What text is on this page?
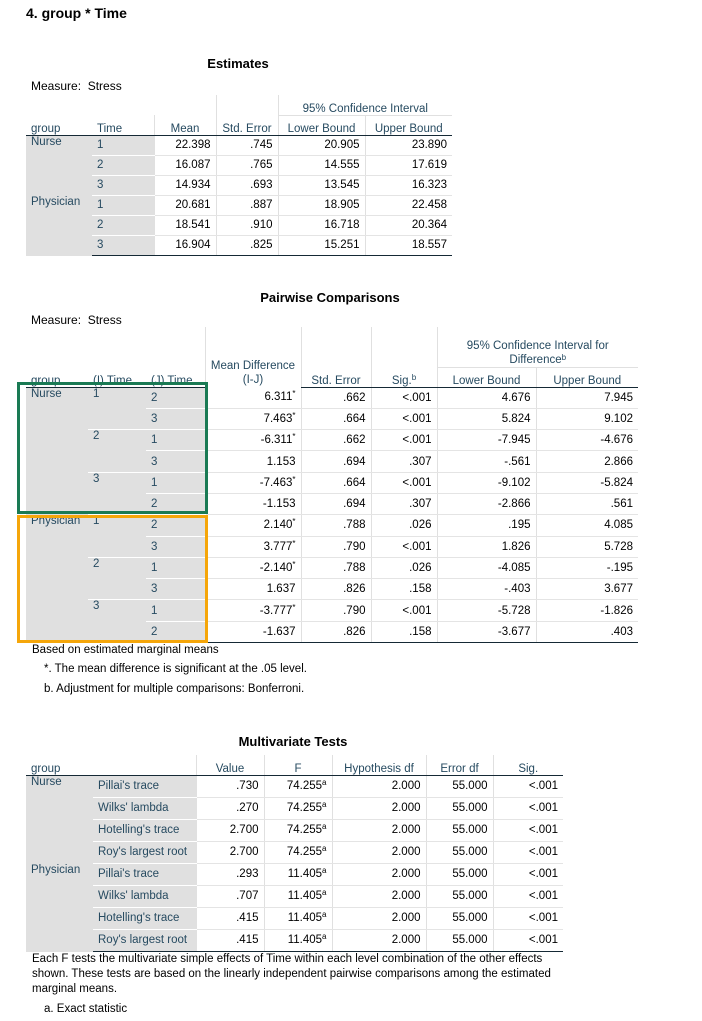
4. group * Time
Estimates
Measure: Stress
				95% Confidence Interval	
group	Time	Mean	Std. Error	Lower Bound	Upper Bound
Nurse	1	22.398	.745	20.905	23.890
	2	16.087	.765	14.555	17.619
	3	14.934	.693	13.545	16.323
Physician	1	20.681	.887	18.905	22.458
	2	18.541	.910	16.718	20.364
	3	16.904	.825	15.251	18.557
Pairwise Comparisons
Measure: Stress
			Mean Difference (I-J)			95% Confidence Interval for Difference$^b$
group	(I) Time	(J) Time		Std. Error	Sig.$^b$	Lower Bound	Upper Bound
Nurse	1	2	6.311*	.662	<.001	4.676	7.945
		3	7.463*	.664	<.001	5.824	9.102
	2	1	-6.311*	.662	<.001	-7.945	-4.676
		3	1.153	.694	.307	-.561	2.866
	3	1	-7.463*	.664	<.001	-9.102	-5.824
		2	-1.153	.694	.307	-2.866	.561
Physician	1	2	2.140*	.788	.026	.195	4.085
		3	3.777*	.790	<.001	1.826	5.728
	2	1	-2.140*	.788	.026	-4.085	-.195
		3	1.637	.826	.158	-.403	3.677
	3	1	-3.777*	.790	<.001	-5.728	-1.826
		2	-1.637	.826	.158	-3.677	.403
Based on estimated marginal means
*. The mean difference is significant at the .05 level.
b. Adjustment for multiple comparisons: Bonferroni.
Multivariate Tests
group		Value	F	Hypothesis df	Error df	Sig.
Nurse	Pillai's trace	.730	74.255$^a$	2.000	55.000	<.001
	Wilks' lambda	.270	74.255$^a$	2.000	55.000	<.001
	Hotelling's trace	2.700	74.255$^a$	2.000	55.000	<.001
	Roy's largest root	2.700	74.255$^a$	2.000	55.000	<.001
Physician	Pillai's trace	.293	11.405$^a$	2.000	55.000	<.001
	Wilks' lambda	.707	11.405$^a$	2.000	55.000	<.001
	Hotelling's trace	.415	11.405$^a$	2.000	55.000	<.001
	Roy's largest root	.415	11.405$^a$	2.000	55.000	<.001
Each F tests the multivariate simple effects of Time within each level combination of the other effects shown. These tests are based on the linearly independent pairwise comparisons among the estimated marginal means.
a. Exact statistic
